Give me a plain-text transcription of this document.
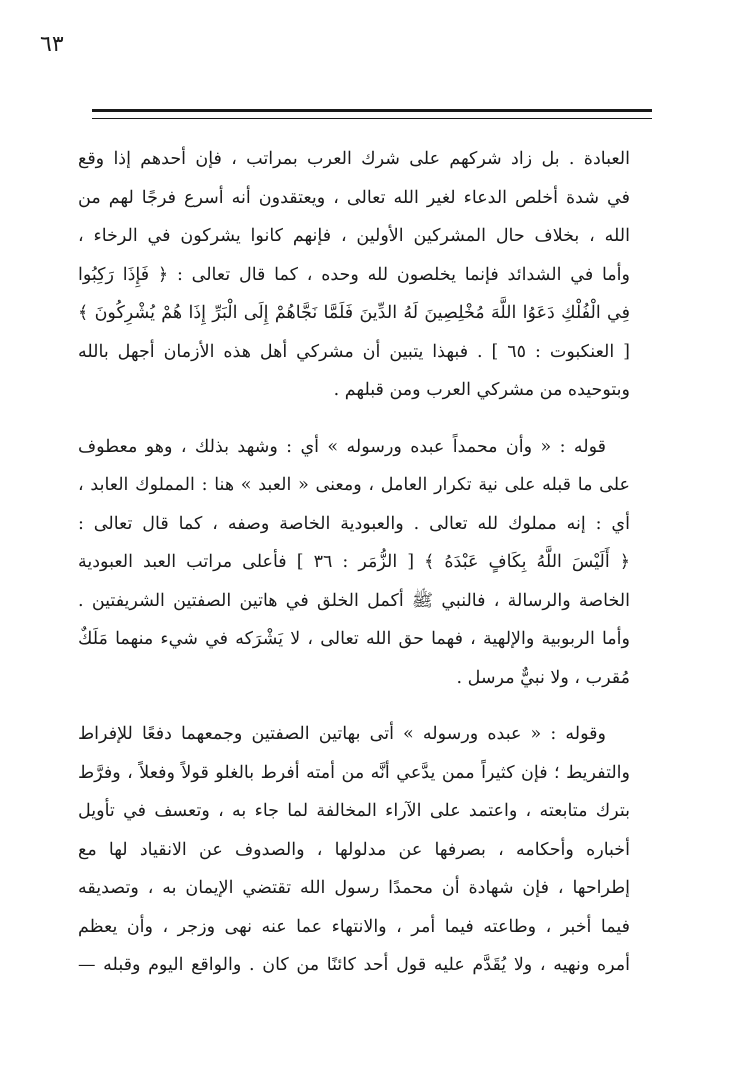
٦٣
العبادة . بل زاد شركهم على شرك العرب بمراتب ، فإن أحدهم إذا وقع
في شدة أخلص الدعاء لغير الله تعالى ، ويعتقدون أنه أسرع فرجًا لهم من
الله ، بخلاف حال المشركين الأولين ، فإنهم كانوا يشركون في الرخاء ،
وأما في الشدائد فإنما يخلصون لله وحده ، كما قال تعالى : ﴿ فَإِذَا رَكِبُوا
فِي الْفُلْكِ دَعَوُا اللَّهَ مُخْلِصِينَ لَهُ الدِّينَ فَلَمَّا نَجَّاهُمْ إِلَى الْبَرِّ إِذَا هُمْ يُشْرِكُونَ ﴾
[ العنكبوت : ٦٥ ] . فبهذا يتبين أن مشركي أهل هذه الأزمان أجهل بالله
وبتوحيده من مشركي العرب ومن قبلهم .
قوله : « وأن محمداً عبده ورسوله » أي : وشهد بذلك ، وهو معطوف
على ما قبله على نية تكرار العامل ، ومعنى « العبد » هنا : المملوك العابد ،
أي : إنه مملوك لله تعالى . والعبودية الخاصة وصفه ، كما قال تعالى :
﴿ أَلَيْسَ اللَّهُ بِكَافٍ عَبْدَهُ ﴾ [ الزُّمَر : ٣٦ ] فأعلى مراتب العبد العبودية
الخاصة والرسالة ، فالنبي ﷺ أكمل الخلق في هاتين الصفتين الشريفتين .
وأما الربوبية والإلهية ، فهما حق الله تعالى ، لا يَشْرَكه في شيء منهما مَلَكٌ
مُقرب ، ولا نبيٌّ مرسل .
وقوله : « عبده ورسوله » أتى بهاتين الصفتين وجمعهما دفعًا للإفراط
والتفريط ؛ فإن كثيراً ممن يدَّعي أنَّه من أمته أفرط بالغلو قولاً وفعلاً ، وفرَّط
بترك متابعته ، واعتمد على الآراء المخالفة لما جاء به ، وتعسف في تأويل
أخباره وأحكامه ، بصرفها عن مدلولها ، والصدوف عن الانقياد لها مع
إطراحها ، فإن شهادة أن محمدًا رسول الله تقتضي الإيمان به ، وتصديقه
فيما أخبر ، وطاعته فيما أمر ، والانتهاء عما عنه نهى وزجر ، وأن يعظم
أمره ونهيه ، ولا يُقَدَّم عليه قول أحد كائنًا من كان . والواقع اليوم وقبله —
